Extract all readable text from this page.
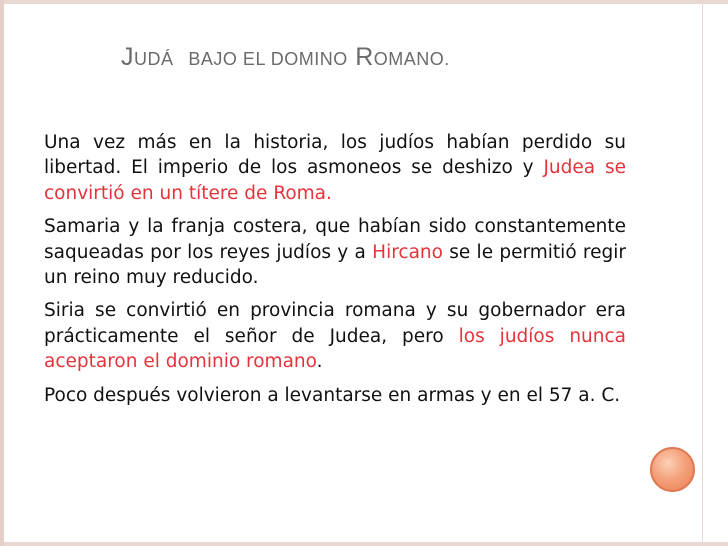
JUDÁ BAJO EL DOMINO ROMANO.

Una vez más en la historia, los judíos habían perdido su libertad. El imperio de los asmoneos se deshizo y Judea se convirtió en un títere de Roma.

Samaria y la franja costera, que habían sido constantemente saqueadas por los reyes judíos y a Hircano se le permitió regir un reino muy reducido.

Siria se convirtió en provincia romana y su gobernador era prácticamente el señor de Judea, pero los judíos nunca aceptaron el dominio romano.

Poco después volvieron a levantarse en armas y en el 57 a. C.
